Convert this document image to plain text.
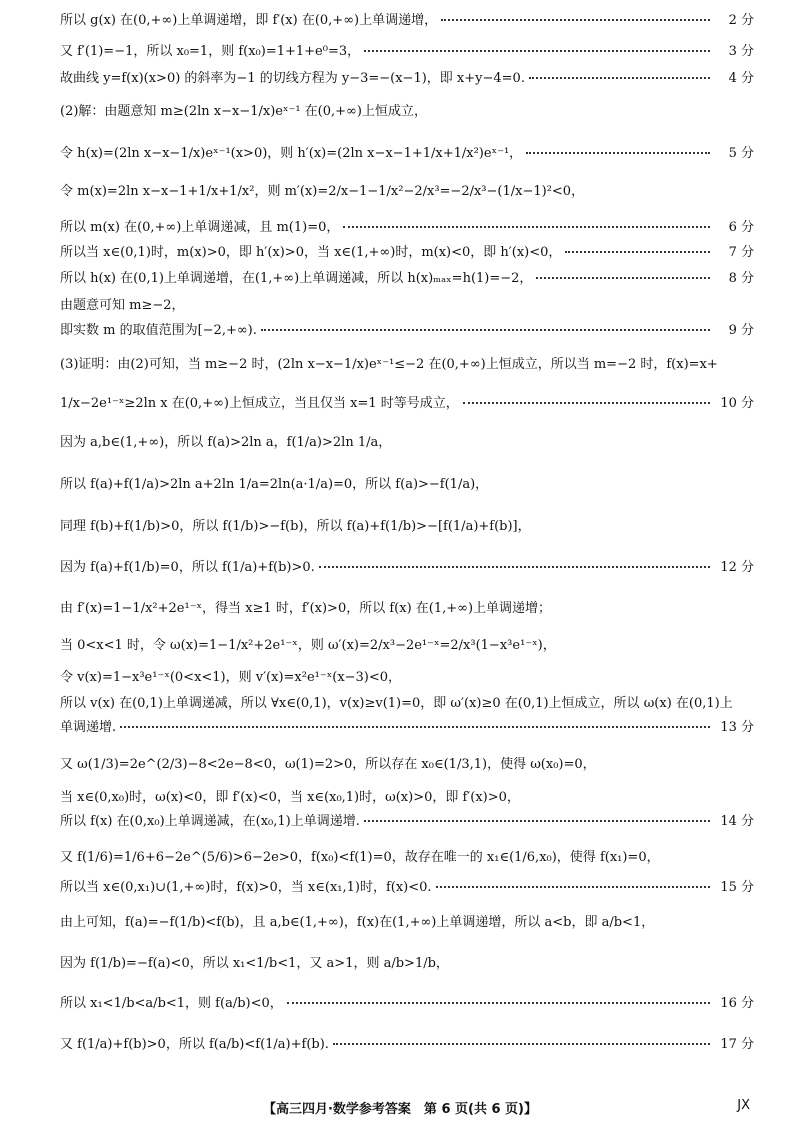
所以 g(x) 在(0,+∞)上单调递增，即 f′(x) 在(0,+∞)上单调递增，	2 分
又 f′(1)=−1，所以 x₀=1，则 f(x₀)=1+1+e⁰=3，	3 分
故曲线 y=f(x)(x>0) 的斜率为−1 的切线方程为 y−3=−(x−1)，即 x+y−4=0.	4 分
(2)解：由题意知 m≥(2ln x−x−1/x)eˣ⁻¹ 在(0,+∞)上恒成立，
令 h(x)=(2ln x−x−1/x)eˣ⁻¹(x>0)，则 h′(x)=(2ln x−x−1+1/x+1/x²)eˣ⁻¹，	5 分
令 m(x)=2ln x−x−1+1/x+1/x²，则 m′(x)=2/x−1−1/x²−2/x³=−2/x³−(1/x−1)²<0，
所以 m(x) 在(0,+∞)上单调递减，且 m(1)=0，	6 分
所以当 x∈(0,1)时，m(x)>0，即 h′(x)>0，当 x∈(1,+∞)时，m(x)<0，即 h′(x)<0，	7 分
所以 h(x) 在(0,1)上单调递增，在(1,+∞)上单调递减，所以 h(x)ₘₐₓ=h(1)=−2，	8 分
由题意可知 m≥−2，
即实数 m 的取值范围为[−2,+∞).	9 分
(3)证明：由(2)可知，当 m≥−2 时，(2ln x−x−1/x)eˣ⁻¹≤−2 在(0,+∞)上恒成立，所以当 m=−2 时，f(x)=x+
1/x−2e¹⁻ˣ≥2ln x 在(0,+∞)上恒成立，当且仅当 x=1 时等号成立，	10 分
因为 a,b∈(1,+∞)，所以 f(a)>2ln a，f(1/a)>2ln 1/a，
所以 f(a)+f(1/a)>2ln a+2ln 1/a=2ln(a·1/a)=0，所以 f(a)>−f(1/a)，
同理 f(b)+f(1/b)>0，所以 f(1/b)>−f(b)，所以 f(a)+f(1/b)>−[f(1/a)+f(b)]，
因为 f(a)+f(1/b)=0，所以 f(1/a)+f(b)>0.	12 分
由 f′(x)=1−1/x²+2e¹⁻ˣ，得当 x≥1 时，f′(x)>0，所以 f(x) 在(1,+∞)上单调递增；
当 0<x<1 时，令 ω(x)=1−1/x²+2e¹⁻ˣ，则 ω′(x)=2/x³−2e¹⁻ˣ=2/x³(1−x³e¹⁻ˣ)，
令 v(x)=1−x³e¹⁻ˣ(0<x<1)，则 v′(x)=x²e¹⁻ˣ(x−3)<0，
所以 v(x) 在(0,1)上单调递减，所以 ∀x∈(0,1)，v(x)≥v(1)=0，即 ω′(x)≥0 在(0,1)上恒成立，所以 ω(x) 在(0,1)上
单调递增.	13 分
又 ω(1/3)=2e^(2/3)−8<2e−8<0，ω(1)=2>0，所以存在 x₀∈(1/3,1)，使得 ω(x₀)=0，
当 x∈(0,x₀)时，ω(x)<0，即 f′(x)<0，当 x∈(x₀,1)时，ω(x)>0，即 f′(x)>0，
所以 f(x) 在(0,x₀)上单调递减，在(x₀,1)上单调递增.	14 分
又 f(1/6)=1/6+6−2e^(5/6)>6−2e>0，f(x₀)<f(1)=0，故存在唯一的 x₁∈(1/6,x₀)，使得 f(x₁)=0，
所以当 x∈(0,x₁)∪(1,+∞)时，f(x)>0，当 x∈(x₁,1)时，f(x)<0.	15 分
由上可知，f(a)=−f(1/b)<f(b)，且 a,b∈(1,+∞)，f(x)在(1,+∞)上单调递增，所以 a<b，即 a/b<1，
因为 f(1/b)=−f(a)<0，所以 x₁<1/b<1，又 a>1，则 a/b>1/b，
所以 x₁<1/b<a/b<1，则 f(a/b)<0，	16 分
又 f(1/a)+f(b)>0，所以 f(a/b)<f(1/a)+f(b).	17 分
【高三四月·数学参考答案　第 6 页(共 6 页)】	JX
